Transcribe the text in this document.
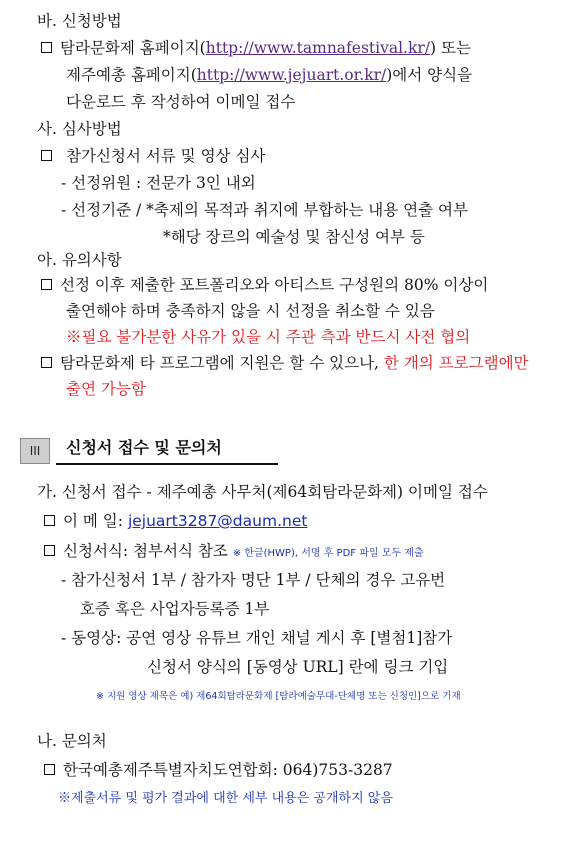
바. 신청방법
탐라문화제 홈페이지(http://www.tamnafestival.kr/) 또는
제주예총 홈페이지(http://www.jejuart.or.kr/)에서 양식을
다운로드 후 작성하여 이메일 접수
사. 심사방법
참가신청서 서류 및 영상 심사
- 선정위원 : 전문가 3인 내외
- 선정기준 / *축제의 목적과 취지에 부합하는 내용 연출 여부
*해당 장르의 예술성 및 참신성 여부 등
아. 유의사항
선정 이후 제출한 포트폴리오와 아티스트 구성원의 80% 이상이
출연해야 하며 충족하지 않을 시 선정을 취소할 수 있음
※필요 불가분한 사유가 있을 시 주관 측과 반드시 사전 협의
탐라문화제 타 프로그램에 지원은 할 수 있으나, 한 개의 프로그램에만
출연 가능함
III	신청서 접수 및 문의처
가. 신청서 접수 - 제주예총 사무처(제64회탐라문화제) 이메일 접수
이 메 일: jejuart3287@daum.net
신청서식: 첨부서식 참조 ※ 한글(HWP), 서명 후 PDF 파일 모두 제출
- 참가신청서 1부 / 참가자 명단 1부 / 단체의 경우 고유번
호증 혹은 사업자등록증 1부
- 동영상: 공연 영상 유튜브 개인 채널 게시 후 [별첨1]참가
신청서 양식의 [동영상 URL] 란에 링크 기입
※ 지원 영상 제목은 예) 제64회탐라문화제 [탐라예술무대-단체명 또는 신청인]으로 기재
나. 문의처
한국예총제주특별자치도연합회: 064)753-3287
※제출서류 및 평가 결과에 대한 세부 내용은 공개하지 않음
